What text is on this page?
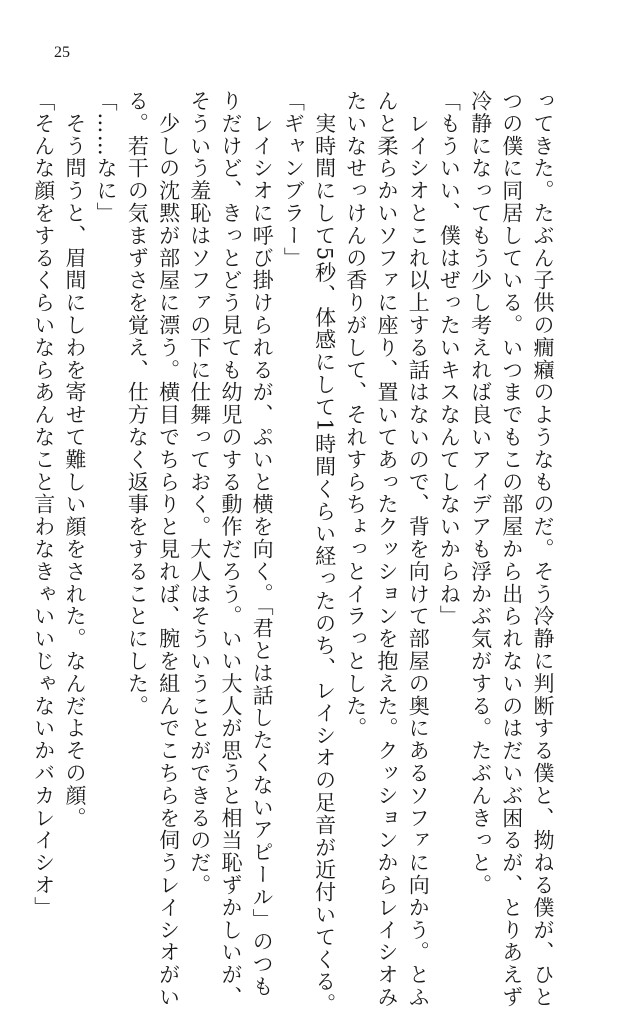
25
ってきた。たぶん子供の癇癪のようなものだ。そう冷静に判断する僕と、拗ねる僕が、ひと
つの僕に同居している。いつまでもこの部屋から出られないのはだいぶ困るが、とりあえず
冷静になってもう少し考えれば良いアイデアも浮かぶ気がする。たぶんきっと。
「もういい、僕はぜったいキスなんてしないからね」
　レイシオとこれ以上する話はないので、背を向けて部屋の奥にあるソファに向かう。とふ
んと柔らかいソファに座り、置いてあったクッションを抱えた。クッションからレイシオみ
たいなせっけんの香りがして、それすらちょっとイラっとした。
　実時間にして5秒、体感にして1時間くらい経ったのち、レイシオの足音が近付いてくる。
「ギャンブラー」
　レイシオに呼び掛けられるが、ぷいと横を向く。「君とは話したくないアピール」のつも
りだけど、きっとどう見ても幼児のする動作だろう。いい大人が思うと相当恥ずかしいが、
そういう羞恥はソファの下に仕舞っておく。大人はそういうことができるのだ。
　少しの沈黙が部屋に漂う。横目でちらりと見れば、腕を組んでこちらを伺うレイシオがい
る。若干の気まずさを覚え、仕方なく返事をすることにした。
「……なに」
　そう問うと、眉間にしわを寄せて難しい顔をされた。なんだよその顔。
「そんな顔をするくらいならあんなこと言わなきゃいいじゃないかバカレイシオ」
